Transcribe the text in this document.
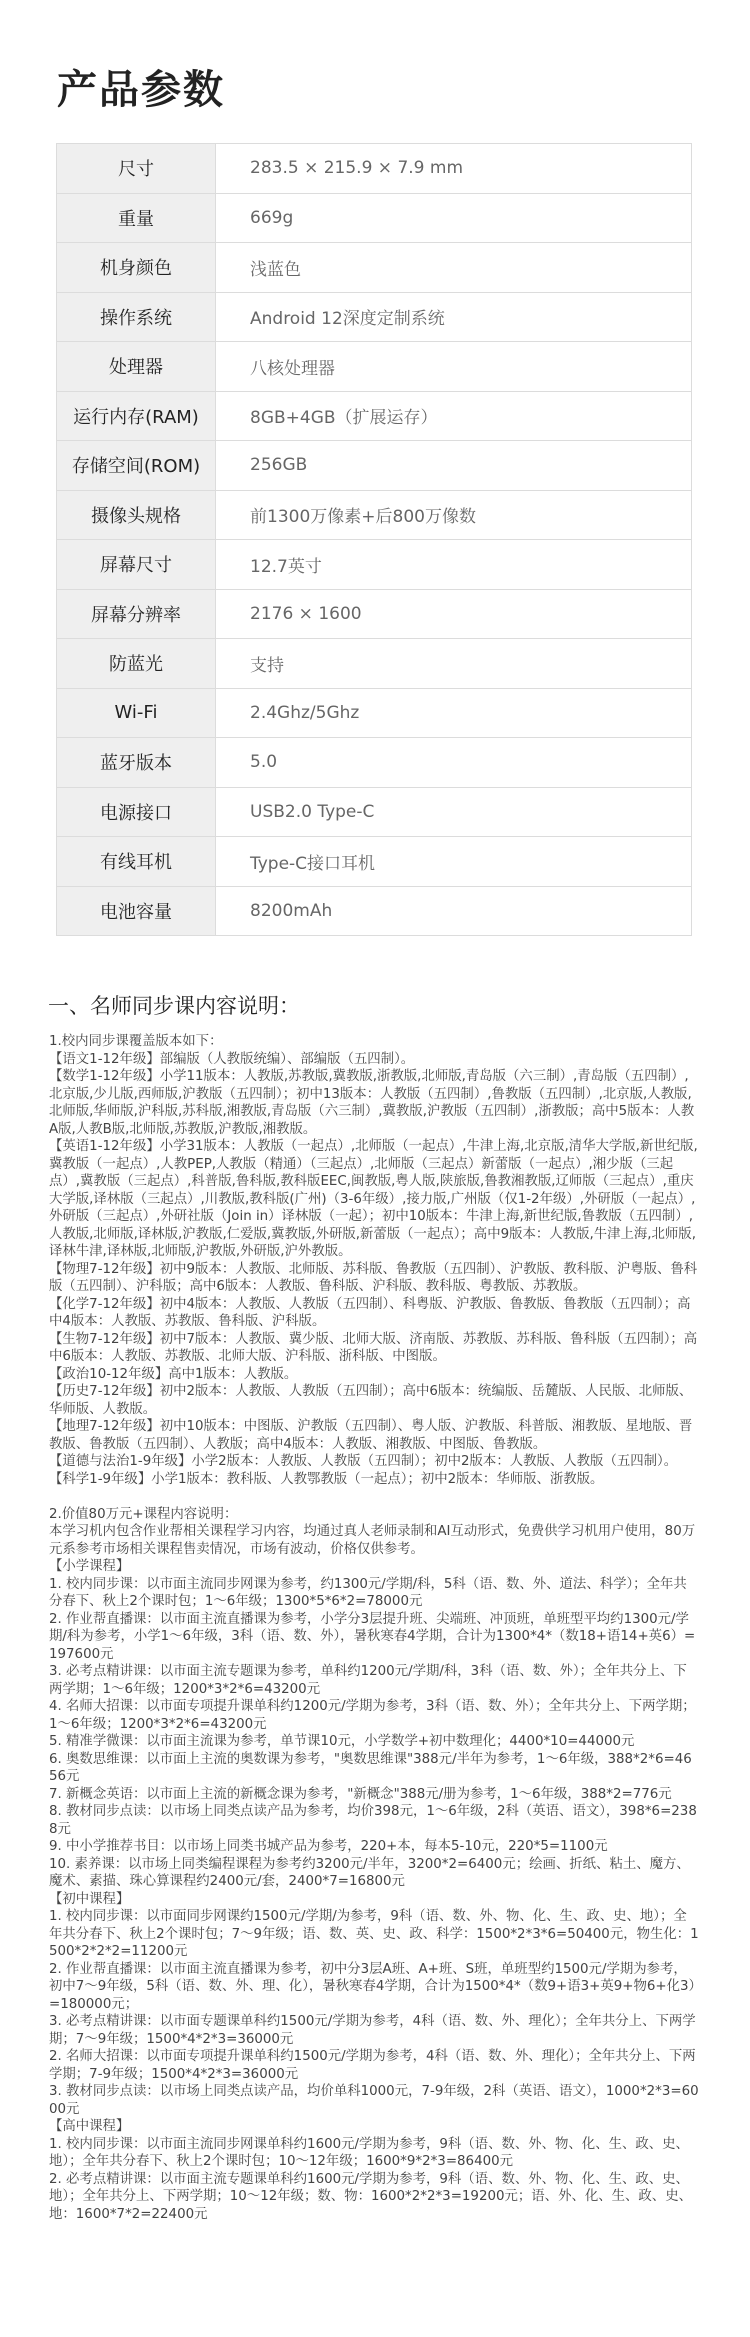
产品参数
尺寸	283.5 × 215.9 × 7.9 mm
重量	669g
机身颜色	浅蓝色
操作系统	Android 12深度定制系统
处理器	八核处理器
运行内存(RAM)	8GB+4GB（扩展运存）
存储空间(ROM)	256GB
摄像头规格	前1300万像素+后800万像数
屏幕尺寸	12.7英寸
屏幕分辨率	2176 × 1600
防蓝光	支持
Wi-Fi	2.4Ghz/5Ghz
蓝牙版本	5.0
电源接口	USB2.0 Type-C
有线耳机	Type-C接口耳机
电池容量	8200mAh
一、名师同步课内容说明：

1.校内同步课覆盖版本如下：

【语文1-12年级】部编版（人教版统编）、部编版（五四制）。

【数学1-12年级】小学11版本：人教版,苏教版,冀教版,浙教版,北师版,青岛版（六三制）,青岛版（五四制）,北京版,少儿版,西师版,沪教版（五四制）；初中13版本：人教版（五四制）,鲁教版（五四制）,北京版,人教版,北师版,华师版,沪科版,苏科版,湘教版,青岛版（六三制）,冀教版,沪教版（五四制）,浙教版；高中5版本：人教A版,人教B版,北师版,苏教版,沪教版,湘教版。

【英语1-12年级】小学31版本：人教版（一起点）,北师版（一起点）,牛津上海,北京版,清华大学版,新世纪版,冀教版（一起点）,人教PEP,人教版（精通）（三起点）,北师版（三起点）新蕾版（一起点）,湘少版（三起点）,冀教版（三起点）,科普版,鲁科版,教科版EEC,闽教版,粤人版,陕旅版,鲁教湘教版,辽师版（三起点）,重庆大学版,译林版（三起点）,川教版,教科版(广州)（3-6年级）,接力版,广州版（仅1-2年级）,外研版（一起点）,外研版（三起点）,外研社版（Join in）译林版（一起）；初中10版本：牛津上海,新世纪版,鲁教版（五四制）,人教版,北师版,译林版,沪教版,仁爱版,冀教版,外研版,新蕾版（一起点）；高中9版本：人教版,牛津上海,北师版,译林牛津,译林版,北师版,沪教版,外研版,沪外教版。

【物理7-12年级】初中9版本：人教版、北师版、苏科版、鲁教版（五四制）、沪教版、教科版、沪粤版、鲁科版（五四制）、沪科版；高中6版本：人教版、鲁科版、沪科版、教科版、粤教版、苏教版。

【化学7-12年级】初中4版本：人教版、人教版（五四制）、科粤版、沪教版、鲁教版、鲁教版（五四制）；高中4版本：人教版、苏教版、鲁科版、沪科版。

【生物7-12年级】初中7版本：人教版、冀少版、北师大版、济南版、苏教版、苏科版、鲁科版（五四制）；高中6版本：人教版、苏教版、北师大版、沪科版、浙科版、中图版。

【政治10-12年级】高中1版本：人教版。

【历史7-12年级】初中2版本：人教版、人教版（五四制）；高中6版本：统编版、岳麓版、人民版、北师版、华师版、人教版。

【地理7-12年级】初中10版本：中图版、沪教版（五四制）、粤人版、沪教版、科普版、湘教版、星地版、晋教版、鲁教版（五四制）、人教版；高中4版本：人教版、湘教版、中图版、鲁教版。

【道德与法治1-9年级】小学2版本：人教版、人教版（五四制）；初中2版本：人教版、人教版（五四制）。

【科学1-9年级】小学1版本：教科版、人教鄂教版（一起点）；初中2版本：华师版、浙教版。

2.价值80万元+课程内容说明：

本学习机内包含作业帮相关课程学习内容，均通过真人老师录制和AI互动形式，免费供学习机用户使用，80万元系参考市场相关课程售卖情况，市场有波动，价格仅供参考。

【小学课程】

1. 校内同步课：以市面主流同步网课为参考，约1300元/学期/科，5科（语、数、外、道法、科学）；全年共分春下、秋上2个课时包；1～6年级；1300*5*6*2=78000元

2. 作业帮直播课：以市面主流直播课为参考，小学分3层提升班、尖端班、冲顶班，单班型平均约1300元/学期/科为参考，小学1～6年级，3科（语、数、外），暑秋寒春4学期，合计为1300*4*（数18+语14+英6）=197600元

3. 必考点精讲课：以市面主流专题课为参考，单科约1200元/学期/科，3科（语、数、外）；全年共分上、下两学期；1～6年级；1200*3*2*6=43200元

4. 名师大招课：以市面专项提升课单科约1200元/学期为参考，3科（语、数、外）；全年共分上、下两学期；1～6年级；1200*3*2*6=43200元

5. 精准学微课：以市面主流课为参考，单节课10元，小学数学+初中数理化；4400*10=44000元

6. 奥数思维课：以市面上主流的奥数课为参考，"奥数思维课"388元/半年为参考，1～6年级，388*2*6=4656元

7. 新概念英语：以市面上主流的新概念课为参考，"新概念"388元/册为参考，1～6年级，388*2=776元

8. 教材同步点读：以市场上同类点读产品为参考，均价398元，1～6年级，2科（英语、语文），398*6=2388元

9. 中小学推荐书目：以市场上同类书城产品为参考，220+本，每本5-10元，220*5=1100元

10. 素养课：以市场上同类编程课程为参考约3200元/半年，3200*2=6400元；绘画、折纸、粘土、魔方、魔术、素描、珠心算课程约2400元/套，2400*7=16800元

【初中课程】

1. 校内同步课：以市面同步网课约1500元/学期/为参考，9科（语、数、外、物、化、生、政、史、地）；全年共分春下、秋上2个课时包；7～9年级；语、数、英、史、政、科学：1500*2*3*6=50400元，物生化：1500*2*2*2=11200元

2. 作业帮直播课：以市面主流直播课为参考，初中分3层A班、A+班、S班，单班型约1500元/学期为参考，初中7～9年级，5科（语、数、外、理、化），暑秋寒春4学期，合计为1500*4*（数9+语3+英9+物6+化3）=180000元；

3. 必考点精讲课：以市面专题课单科约1500元/学期为参考，4科（语、数、外、理化）；全年共分上、下两学期；7～9年级；1500*4*2*3=36000元

2. 名师大招课：以市面专项提升课单科约1500元/学期为参考，4科（语、数、外、理化）；全年共分上、下两学期；7-9年级；1500*4*2*3=36000元

3. 教材同步点读：以市场上同类点读产品，均价单科1000元，7-9年级，2科（英语、语文），1000*2*3=6000元

【高中课程】

1. 校内同步课：以市面主流同步网课单科约1600元/学期为参考，9科（语、数、外、物、化、生、政、史、地）；全年共分春下、秋上2个课时包；10～12年级；1600*9*2*3=86400元

2. 必考点精讲课：以市面主流专题课单科约1600元/学期为参考，9科（语、数、外、物、化、生、政、史、地）；全年共分上、下两学期；10～12年级；数、物：1600*2*2*3=19200元；语、外、化、生、政、史、地：1600*7*2=22400元
